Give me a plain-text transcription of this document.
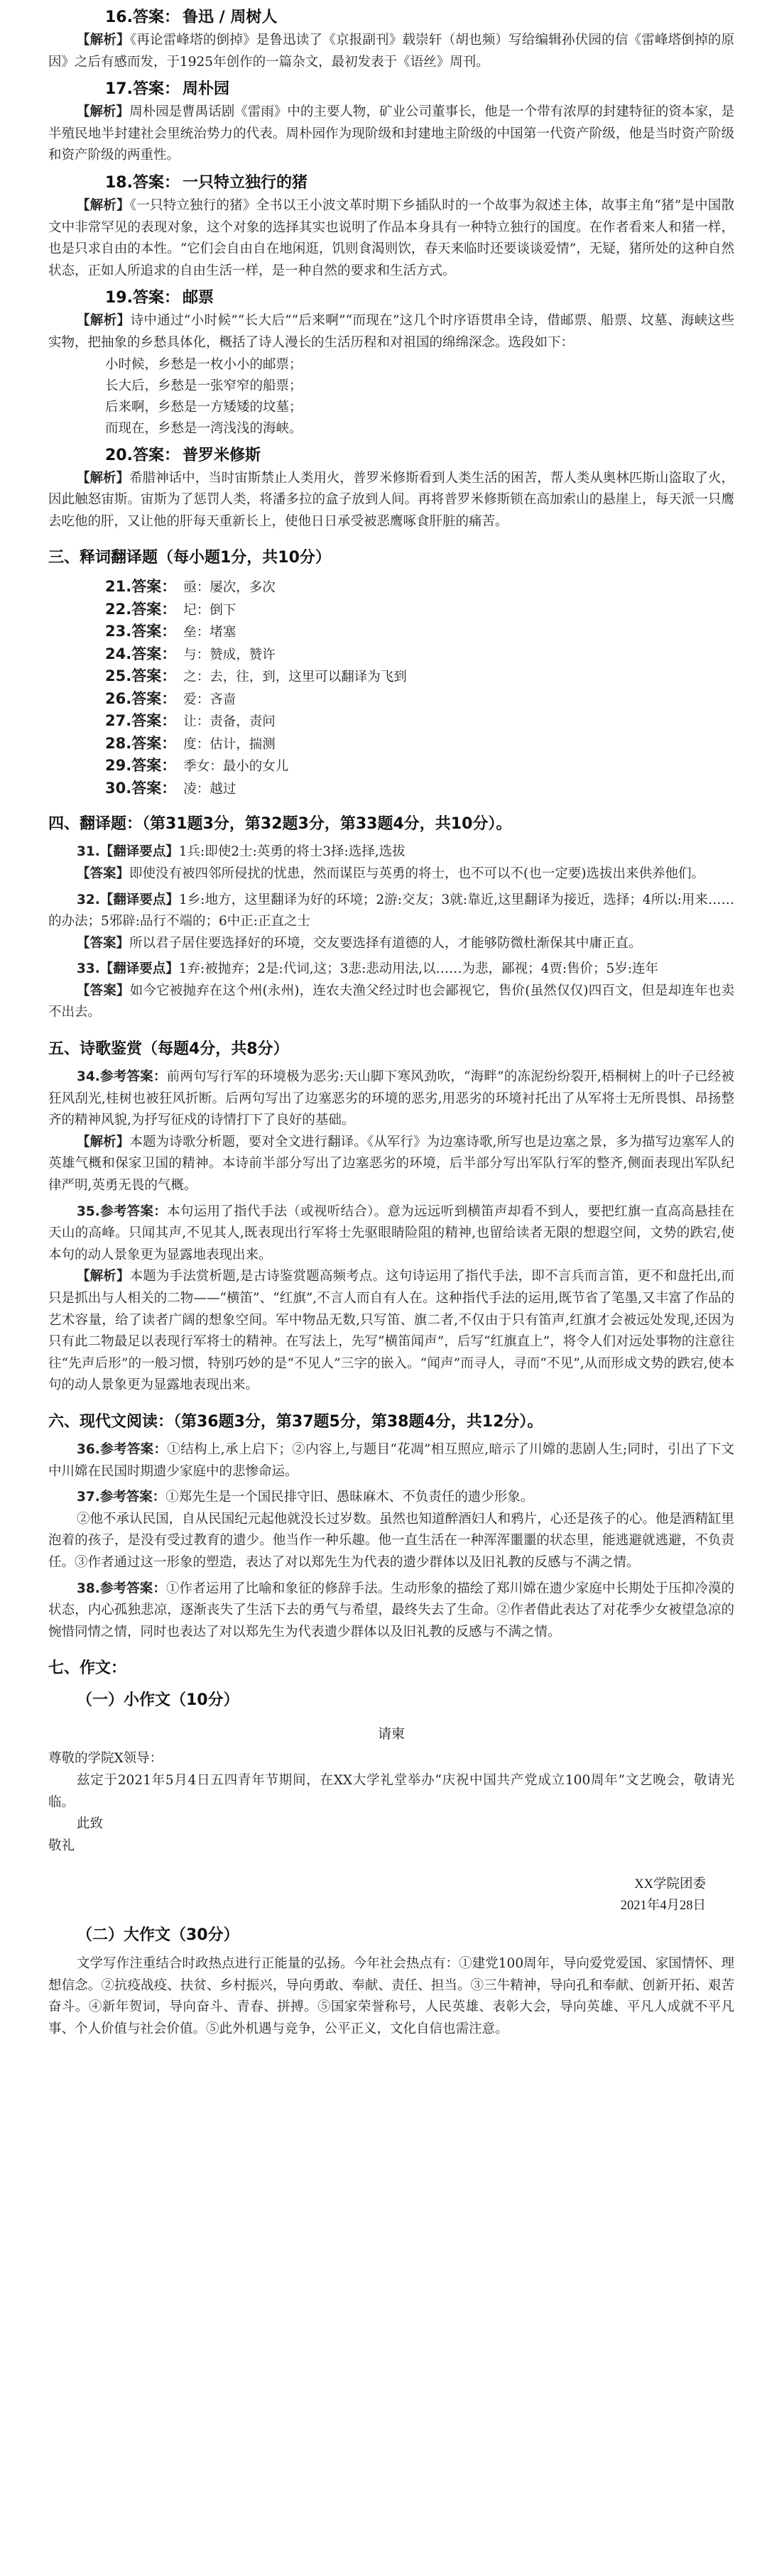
16.答案： 鲁迅 / 周树人

【解析】《再论雷峰塔的倒掉》是鲁迅读了《京报副刊》载崇轩（胡也频）写给编辑孙伏园的信《雷峰塔倒掉的原因》之后有感而发，于1925年创作的一篇杂文，最初发表于《语丝》周刊。

17.答案： 周朴园

【解析】周朴园是曹禺话剧《雷雨》中的主要人物，矿业公司董事长，他是一个带有浓厚的封建特征的资本家，是半殖民地半封建社会里统治势力的代表。周朴园作为现阶级和封建地主阶级的中国第一代资产阶级，他是当时资产阶级和资产阶级的两重性。

18.答案： 一只特立独行的猪

【解析】《一只特立独行的猪》全书以王小波文革时期下乡插队时的一个故事为叙述主体，故事主角“猪”是中国散文中非常罕见的表现对象，这个对象的选择其实也说明了作品本身具有一种特立独行的国度。在作者看来人和猪一样，也是只求自由的本性。“它们会自由自在地闲逛，饥则食渴则饮，春天来临时还要谈谈爱情”，无疑，猪所处的这种自然状态，正如人所追求的自由生活一样，是一种自然的要求和生活方式。

19.答案： 邮票

【解析】诗中通过“小时候”“长大后”“后来啊”“而现在”这几个时序语贯串全诗，借邮票、船票、坟墓、海峡这些实物，把抽象的乡愁具体化，概括了诗人漫长的生活历程和对祖国的绵绵深念。选段如下：

小时候，乡愁是一枚小小的邮票；
长大后，乡愁是一张窄窄的船票；
后来啊，乡愁是一方矮矮的坟墓；
而现在，乡愁是一湾浅浅的海峡。
20.答案： 普罗米修斯

【解析】希腊神话中，当时宙斯禁止人类用火，普罗米修斯看到人类生活的困苦，帮人类从奥林匹斯山盗取了火，因此触怒宙斯。宙斯为了惩罚人类，将潘多拉的盒子放到人间。再将普罗米修斯锁在高加索山的悬崖上，每天派一只鹰去吃他的肝，又让他的肝每天重新长上，使他日日承受被恶鹰啄食肝脏的痛苦。

三、释词翻译题（每小题1分，共10分）
21.答案： 亟：屡次，多次
22.答案： 圮：倒下
23.答案： 垒：堵塞
24.答案： 与：赞成，赞许
25.答案： 之：去，往，到，这里可以翻译为飞到
26.答案： 爱：吝啬
27.答案： 让：责备，责问
28.答案： 度：估计，揣测
29.答案： 季女：最小的女儿
30.答案： 凌：越过
四、翻译题：（第31题3分，第32题3分，第33题4分，共10分）。

31.【翻译要点】1兵:即使2士:英勇的将士3择:选择,选拔

【答案】即使没有被四邻所侵扰的忧患，然而谋臣与英勇的将士，也不可以不(也一定要)选拔出来供养他们。

32.【翻译要点】1乡:地方，这里翻译为好的环境；2游:交友；3就:靠近,这里翻译为接近，选择；4所以:用来……的办法；5邪辟:品行不端的；6中正:正直之士

【答案】所以君子居住要选择好的环境，交友要选择有道德的人，才能够防微杜渐保其中庸正直。

33.【翻译要点】1弃:被抛弃；2是:代词,这；3悲:悲动用法,以……为悲，鄙视；4贾:售价；5岁:连年

【答案】如今它被抛弃在这个州(永州)，连农夫渔父经过时也会鄙视它，售价(虽然仅仅)四百文，但是却连年也卖不出去。

五、诗歌鉴赏（每题4分，共8分）

34.参考答案：前两句写行军的环境极为恶劣:天山脚下寒风劲吹，“海畔”的冻泥纷纷裂开,梧桐树上的叶子已经被狂风刮光,桂树也被狂风折断。后两句写出了边塞恶劣的环境的恶劣,用恶劣的环境衬托出了从军将士无所畏惧、昂扬整齐的精神风貌,为抒写征戍的诗情打下了良好的基础。

【解析】本题为诗歌分析题，要对全文进行翻译。《从军行》为边塞诗歌,所写也是边塞之景，多为描写边塞军人的英雄气概和保家卫国的精神。本诗前半部分写出了边塞恶劣的环境，后半部分写出军队行军的整齐,侧面表现出军队纪律严明,英勇无畏的气概。

35.参考答案：本句运用了指代手法（或视听结合）。意为远远听到横笛声却看不到人，要把红旗一直高高悬挂在天山的高峰。只闻其声,不见其人,既表现出行军将士先驱眼睛险阻的精神,也留给读者无限的想遐空间，文势的跌宕,使本句的动人景象更为显露地表现出来。

【解析】本题为手法赏析题,是古诗鉴赏题高频考点。这句诗运用了指代手法，即不言兵而言笛，更不和盘托出,而只是抓出与人相关的二物——“横笛”、“红旗”,不言人而自有人在。这种指代手法的运用,既节省了笔墨,又丰富了作品的艺术容量，给了读者广阔的想象空间。军中物品无数,只写笛、旗二者,不仅由于只有笛声,红旗才会被远处发现,还因为只有此二物最足以表现行军将士的精神。在写法上，先写“横笛闻声”，后写“红旗直上”，将令人们对远处事物的注意往往“先声后形”的一般习惯，特别巧妙的是“不见人”三字的嵌入。“闻声”而寻人，寻而“不见”,从而形成文势的跌宕,使本句的动人景象更为显露地表现出来。

六、现代文阅读：（第36题3分，第37题5分，第38题4分，共12分）。

36.参考答案：①结构上,承上启下；②内容上,与题目“花凋”相互照应,暗示了川嫦的悲剧人生;同时，引出了下文中川嫦在民国时期遗少家庭中的悲惨命运。

37.参考答案：①郑先生是一个国民排守旧、愚昧麻木、不负责任的遗少形象。

②他不承认民国，自从民国纪元起他就没长过岁数。虽然也知道醉酒妇人和鸦片，心还是孩子的心。他是酒精缸里泡着的孩子，是没有受过教育的遗少。他当作一种乐趣。他一直生活在一种浑浑噩噩的状态里，能逃避就逃避，不负责任。③作者通过这一形象的塑造，表达了对以郑先生为代表的遗少群体以及旧礼教的反感与不满之情。

38.参考答案：①作者运用了比喻和象征的修辞手法。生动形象的描绘了郑川嫦在遗少家庭中长期处于压抑冷漠的状态，内心孤独悲凉，逐渐丧失了生活下去的勇气与希望，最终失去了生命。②作者借此表达了对花季少女被望急凉的惋惜同情之情，同时也表达了对以郑先生为代表遗少群体以及旧礼教的反感与不满之情。

七、作文：
（一）小作文（10分）
请柬

尊敬的学院X领导：

兹定于2021年5月4日五四青年节期间，在XX大学礼堂举办“庆祝中国共产党成立100周年”文艺晚会，敬请光临。

此致

敬礼

XX学院团委
2021年4月28日
（二）大作文（30分）

文学写作注重结合时政热点进行正能量的弘扬。今年社会热点有：①建党100周年，导向爱党爱国、家国情怀、理想信念。②抗疫战疫、扶贫、乡村振兴，导向勇敢、奉献、责任、担当。③三牛精神，导向孔和奉献、创新开拓、艰苦奋斗。④新年贺词，导向奋斗、青春、拼搏。⑤国家荣誉称号，人民英雄、表彰大会，导向英雄、平凡人成就不平凡事、个人价值与社会价值。⑤此外机遇与竞争，公平正义，文化自信也需注意。
